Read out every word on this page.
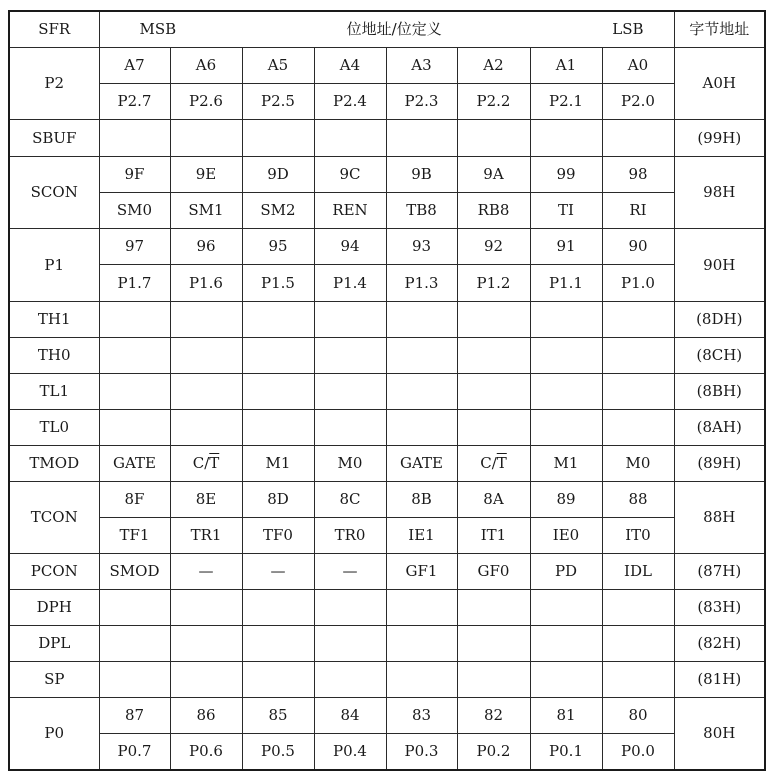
SFR	MSB 位地址/位定义 LSB								字节地址
P2	A7	A6	A5	A4	A3	A2	A1	A0	A0H
	P2.7	P2.6	P2.5	P2.4	P2.3	P2.2	P2.1	P2.0	
SBUF									(99H)
SCON	9F	9E	9D	9C	9B	9A	99	98	98H
	SM0	SM1	SM2	REN	TB8	RB8	TI	RI	
P1	97	96	95	94	93	92	91	90	90H
	P1.7	P1.6	P1.5	P1.4	P1.3	P1.2	P1.1	P1.0	
TH1									(8DH)
TH0									(8CH)
TL1									(8BH)
TL0									(8AH)
TMOD	GATE	$C/\overline{T}$	M1	M0	GATE	$C/\overline{T}$	M1	M0	(89H)
TCON	8F	8E	8D	8C	8B	8A	89	88	88H
	TF1	TR1	TF0	TR0	IE1	IT1	IE0	IT0	
PCON	SMOD	—	—	—	GF1	GF0	PD	IDL	(87H)
DPH									(83H)
DPL									(82H)
SP									(81H)
P0	87	86	85	84	83	82	81	80	80H
	P0.7	P0.6	P0.5	P0.4	P0.3	P0.2	P0.1	P0.0	
